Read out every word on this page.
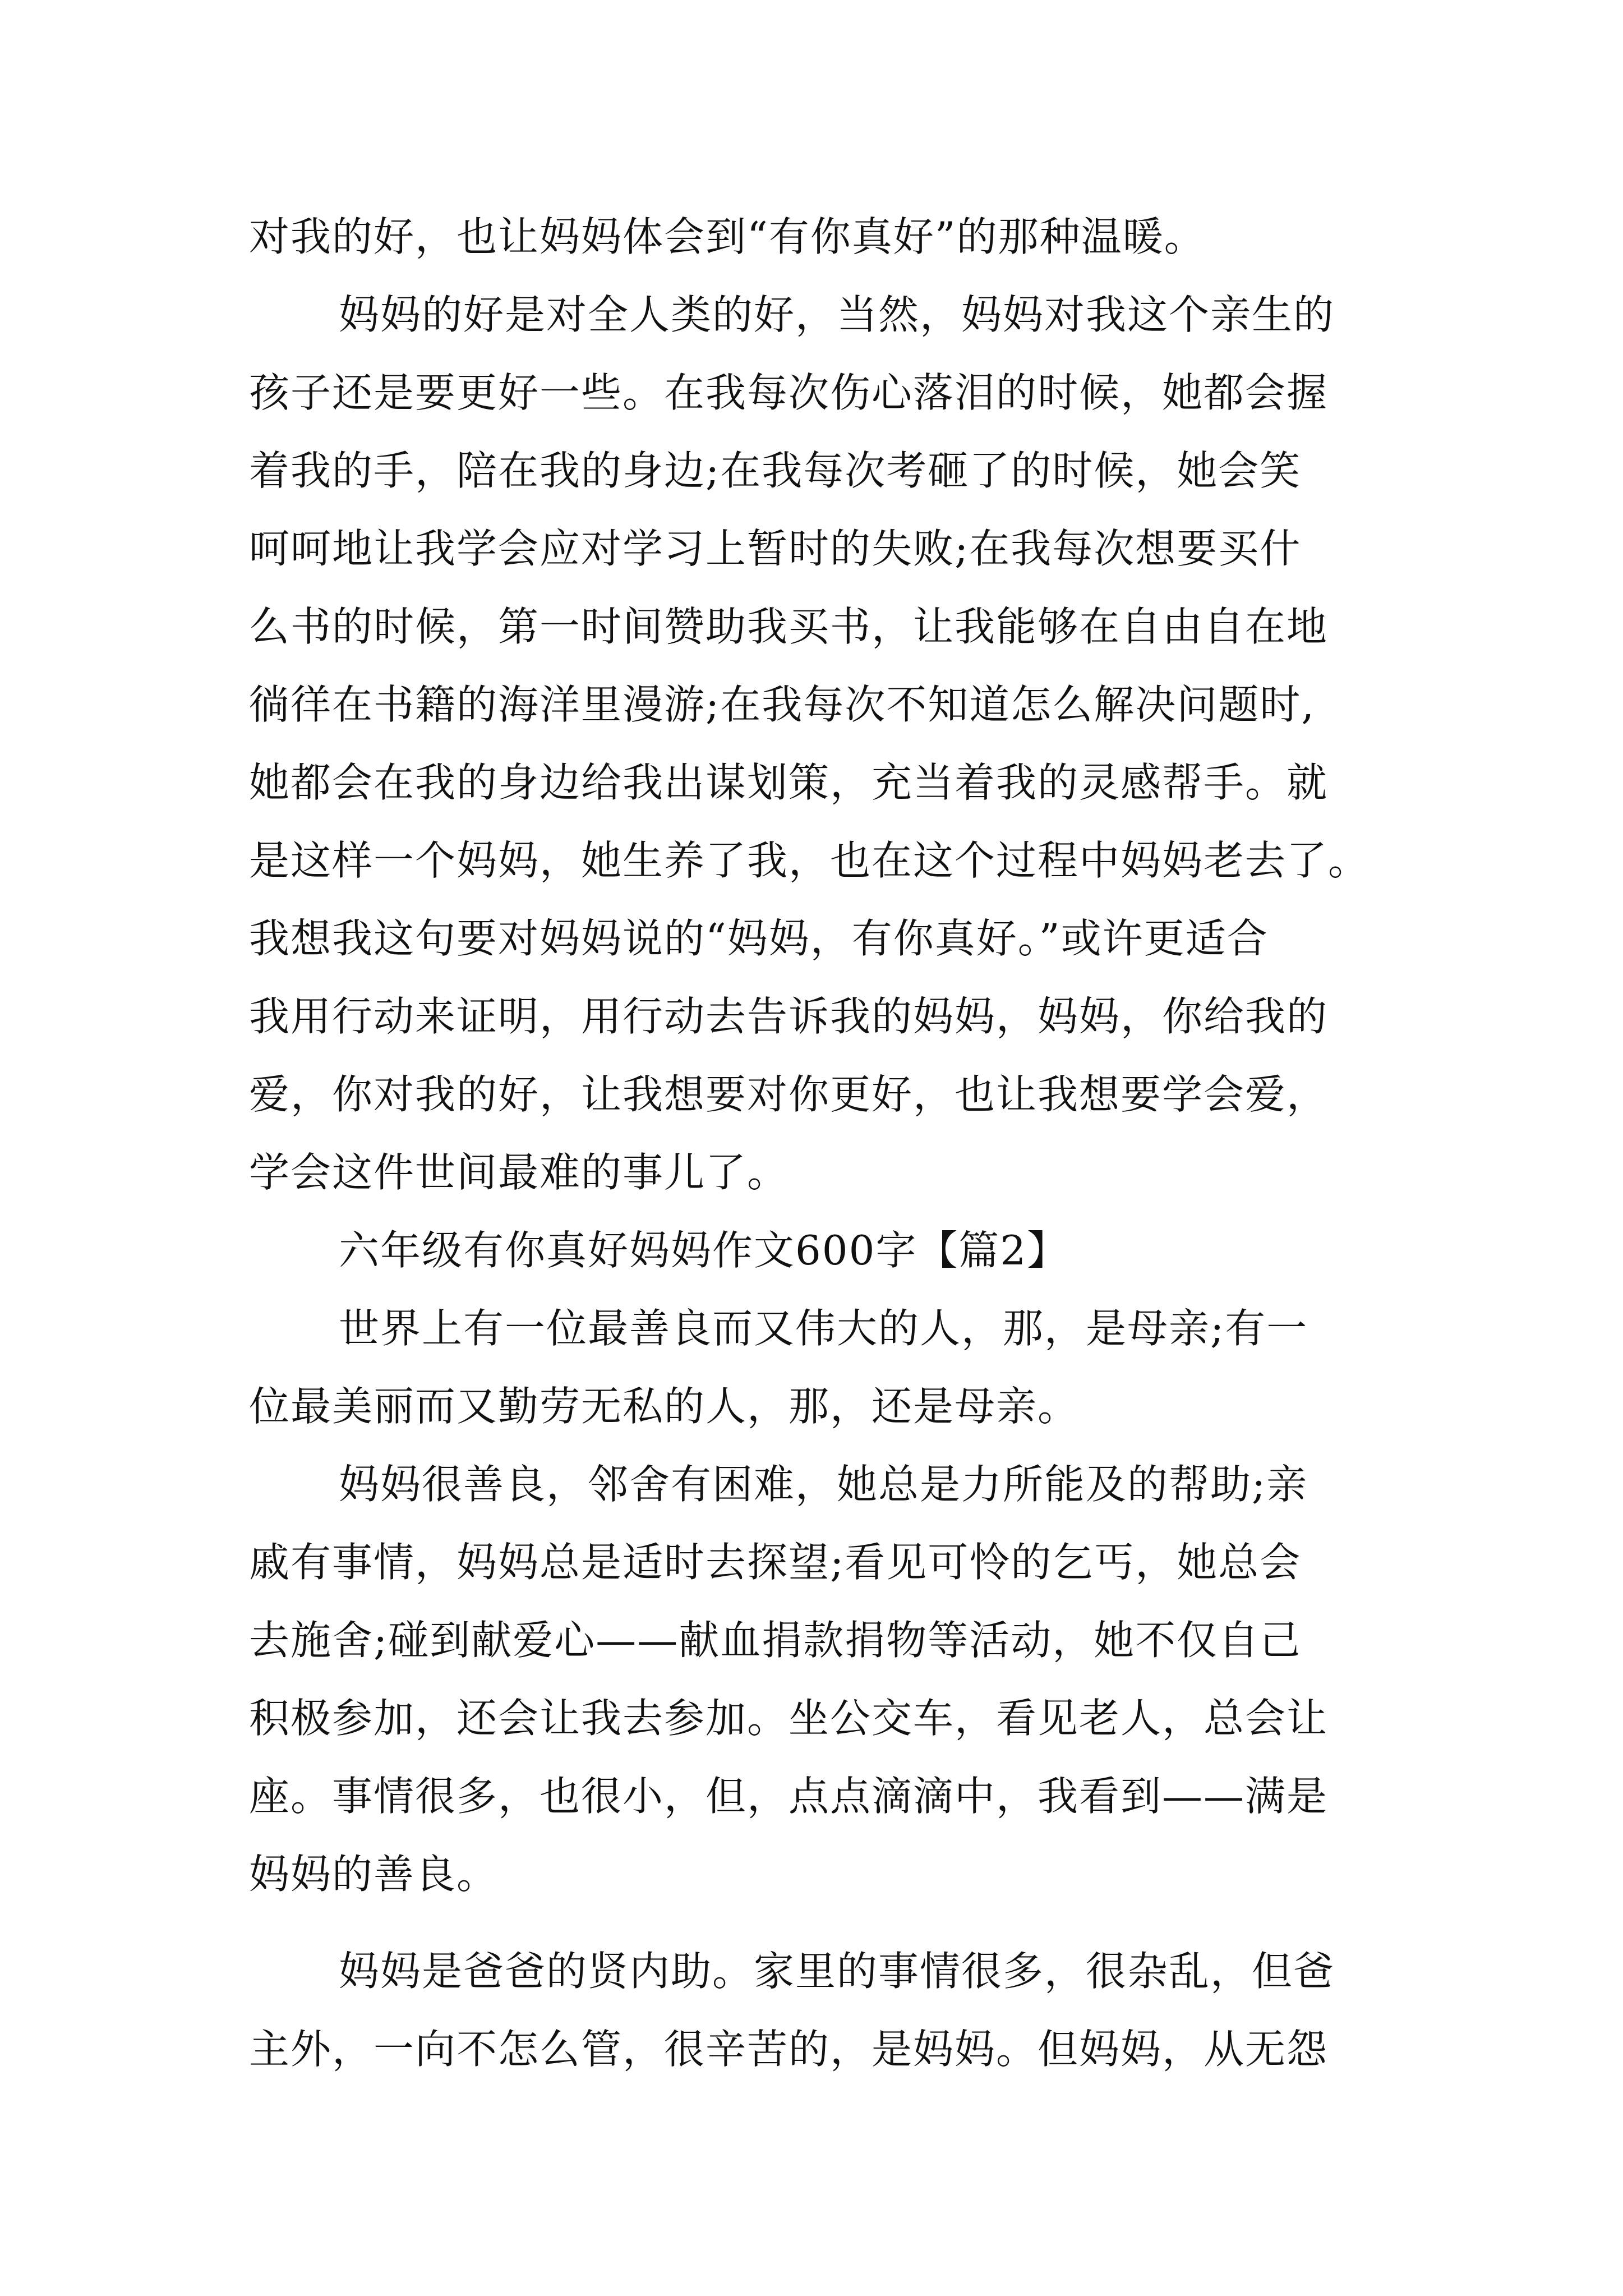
对我的好，也让妈妈体会到“有你真好”的那种温暖。
妈妈的好是对全人类的好，当然，妈妈对我这个亲生的
孩子还是要更好一些。在我每次伤心落泪的时候，她都会握
着我的手，陪在我的身边;在我每次考砸了的时候，她会笑
呵呵地让我学会应对学习上暂时的失败;在我每次想要买什
么书的时候，第一时间赞助我买书，让我能够在自由自在地
徜徉在书籍的海洋里漫游;在我每次不知道怎么解决问题时,
她都会在我的身边给我出谋划策，充当着我的灵感帮手。就
是这样一个妈妈，她生养了我，也在这个过程中妈妈老去了。
我想我这句要对妈妈说的“妈妈，有你真好。”或许更适合
我用行动来证明，用行动去告诉我的妈妈，妈妈，你给我的
爱，你对我的好，让我想要对你更好，也让我想要学会爱，
学会这件世间最难的事儿了。
六年级有你真好妈妈作文600字【篇2】
世界上有一位最善良而又伟大的人，那，是母亲;有一
位最美丽而又勤劳无私的人，那，还是母亲。
妈妈很善良，邻舍有困难，她总是力所能及的帮助;亲
戚有事情，妈妈总是适时去探望;看见可怜的乞丐，她总会
去施舍;碰到献爱心——献血捐款捐物等活动，她不仅自己
积极参加，还会让我去参加。坐公交车，看见老人，总会让
座。事情很多，也很小，但，点点滴滴中，我看到——满是
妈妈的善良。
妈妈是爸爸的贤内助。家里的事情很多，很杂乱，但爸
主外，一向不怎么管，很辛苦的，是妈妈。但妈妈，从无怨
